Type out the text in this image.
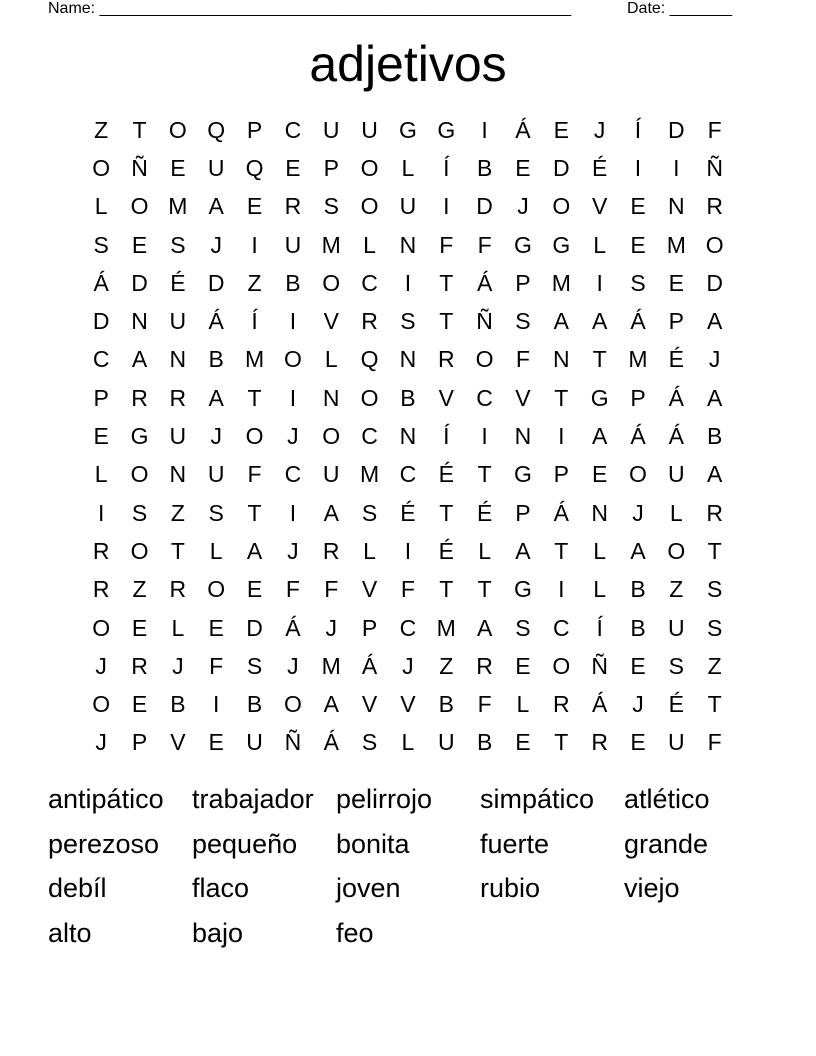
Name: _____________________________________________________	Date: _______
adjetivos
Z	T O Q P C U U G G	I	Á	E	J	Í	D	F
O Ñ E U Q E	P O	L	Í	B	E D É	I	I	Ñ
L	O M A	E R S O U	I	D	J	O V	E N R
S	E	S	J	I	U M L	N	F	F G G	L	E M O
Á D É D	Z	B O C	I	T	Á	P M	I	S	E D
D N U Á	Í	I	V R S	T	Ñ S	A	A	Á	P	A
C A N B M O	L	Q N R O F	N	T M É	J
P R R A	T	I	N O B	V C V	T G P	Á	A
E G U	J	O	J	O C N	Í	I	N	I	A	Á	Á	B
L	O N U	F	C U M C É	T G P	E O U A
I	S	Z	S	T	I	A	S	É	T	É	P	Á N	J	L	R
R O T	L	A	J	R	L	I	É	L	A	T	L	A O T
R	Z	R O E	F	F	V	F	T	T G	I	L	B	Z	S
O E	L	E D Á	J	P C M A	S C	Í	B U S
J	R	J	F	S	J	M Á	J	Z	R E O Ñ E	S	Z
O E	B	I	B O A	V	V	B	F	L	R Á	J	É	T
J	P	V	E U Ñ Á	S	L	U B	E	T	R E U	F
antipático	trabajador pelirrojo	simpático	atlético
perezoso	pequeño	bonita	fuerte	grande
debíl	flaco	joven	rubio	viejo
alto	bajo	feo
